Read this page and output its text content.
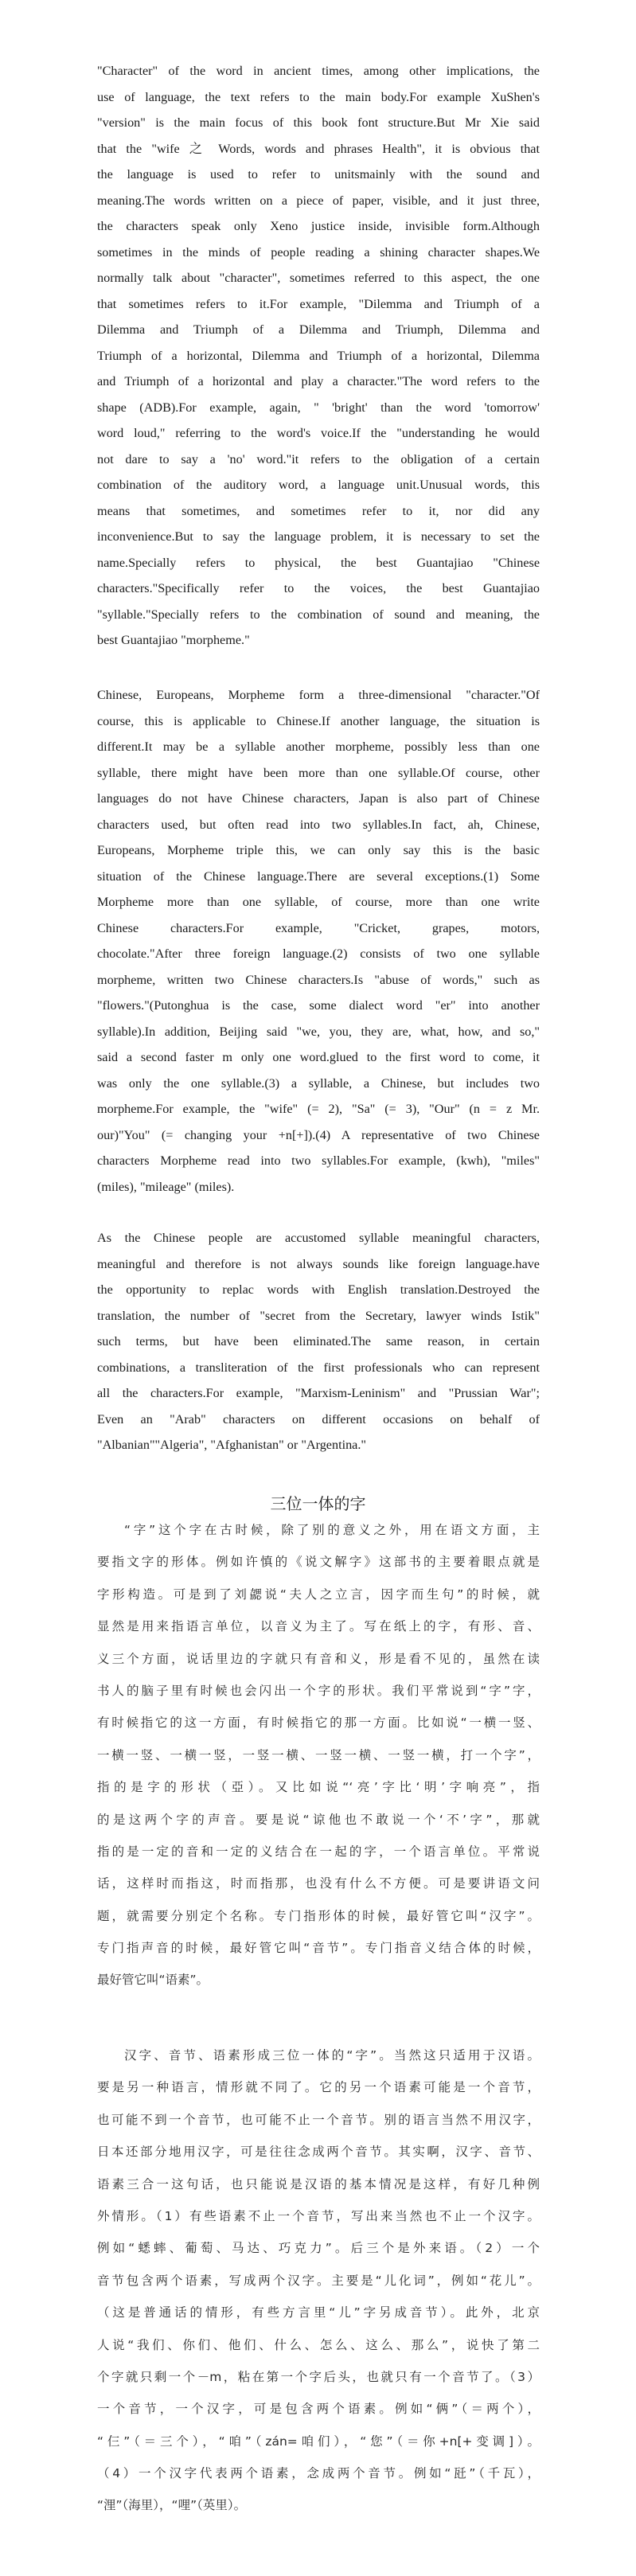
"Character" of the word in ancient times, among other implications, the
use of language, the text refers to the main body.For example XuShen's
"version" is the main focus of this book font structure.But Mr Xie said
that the "wife 之 Words, words and phrases Health", it is obvious that
the language is used to refer to unitsmainly with the sound and
meaning.The words written on a piece of paper, visible, and it just three,
the characters speak only Xeno justice inside, invisible form.Although
sometimes in the minds of people reading a shining character shapes.We
normally talk about "character", sometimes referred to this aspect, the one
that sometimes refers to it.For example, "Dilemma and Triumph of a
Dilemma and Triumph of a Dilemma and Triumph, Dilemma and
Triumph of a horizontal, Dilemma and Triumph of a horizontal, Dilemma
and Triumph of a horizontal and play a character."The word refers to the
shape (ADB).For example, again, " 'bright' than the word 'tomorrow'
word loud," referring to the word's voice.If the "understanding he would
not dare to say a 'no' word."it refers to the obligation of a certain
combination of the auditory word, a language unit.Unusual words, this
means that sometimes, and sometimes refer to it, nor did any
inconvenience.But to say the language problem, it is necessary to set the
name.Specially refers to physical, the best Guantajiao "Chinese
characters."Specifically refer to the voices, the best Guantajiao
"syllable."Specially refers to the combination of sound and meaning, the
best Guantajiao "morpheme."
Chinese, Europeans, Morpheme form a three-dimensional "character."Of
course, this is applicable to Chinese.If another language, the situation is
different.It may be a syllable another morpheme, possibly less than one
syllable, there might have been more than one syllable.Of course, other
languages do not have Chinese characters, Japan is also part of Chinese
characters used, but often read into two syllables.In fact, ah, Chinese,
Europeans, Morpheme triple this, we can only say this is the basic
situation of the Chinese language.There are several exceptions.(1) Some
Morpheme more than one syllable, of course, more than one write
Chinese characters.For example, "Cricket, grapes, motors,
chocolate."After three foreign language.(2) consists of two one syllable
morpheme, written two Chinese characters.Is "abuse of words," such as
"flowers."(Putonghua is the case, some dialect word "er" into another
syllable).In addition, Beijing said "we, you, they are, what, how, and so,"
said a second faster m only one word.glued to the first word to come, it
was only the one syllable.(3) a syllable, a Chinese, but includes two
morpheme.For example, the "wife" (= 2), "Sa" (= 3), "Our" (n = z Mr.
our)"You" (= changing your +n[+]).(4) A representative of two Chinese
characters Morpheme read into two syllables.For example, (kwh), "miles"
(miles), "mileage" (miles).
As the Chinese people are accustomed syllable meaningful characters,
meaningful and therefore is not always sounds like foreign language.have
the opportunity to replac words with English translation.Destroyed the
translation, the number of "secret from the Secretary, lawyer winds Istik"
such terms, but have been eliminated.The same reason, in certain
combinations, a transliteration of the first professionals who can represent
all the characters.For example, "Marxism-Leninism" and "Prussian War";
Even an "Arab" characters on different occasions on behalf of
"Albanian""Algeria", "Afghanistan" or "Argentina."
三位一体的字
“字”这个字在古时候，除了别的意义之外，用在语文方面，主
要指文字的形体。例如许慎的《说文解字》这部书的主要着眼点就是
字形构造。可是到了刘勰说“夫人之立言，因字而生句”的时候，就
显然是用来指语言单位，以音义为主了。写在纸上的字，有形、音、
义三个方面，说话里边的字就只有音和义，形是看不见的，虽然在读
书人的脑子里有时候也会闪出一个字的形状。我们平常说到“字”字，
有时候指它的这一方面，有时候指它的那一方面。比如说“一横一竖、
一横一竖、一横一竖，一竖一横、一竖一横、一竖一横，打一个字”，
指的是字的形状（亞）。又比如说“‘亮’字比‘明’字响亮”，指
的是这两个字的声音。要是说“谅他也不敢说一个‘不’字”，那就
指的是一定的音和一定的义结合在一起的字，一个语言单位。平常说
话，这样时而指这，时而指那，也没有什么不方便。可是要讲语文问
题，就需要分别定个名称。专门指形体的时候，最好管它叫“汉字”。
专门指声音的时候，最好管它叫“音节”。专门指音义结合体的时候，
最好管它叫“语素”。
汉字、音节、语素形成三位一体的“字”。当然这只适用于汉语。
要是另一种语言，情形就不同了。它的另一个语素可能是一个音节，
也可能不到一个音节，也可能不止一个音节。别的语言当然不用汉字，
日本还部分地用汉字，可是往往念成两个音节。其实啊，汉字、音节、
语素三合一这句话，也只能说是汉语的基本情况是这样，有好几种例
外情形。（1）有些语素不止一个音节，写出来当然也不止一个汉字。
例如“蟋蟀、葡萄、马达、巧克力”。后三个是外来语。（2）一个
音节包含两个语素，写成两个汉字。主要是“儿化词”，例如“花儿”。
（这是普通话的情形，有些方言里“儿”字另成音节）。此外，北京
人说“我们、你们、他们、什么、怎么、这么、那么”，说快了第二
个字就只剩一个－m，粘在第一个字后头，也就只有一个音节了。（3）
一个音节，一个汉字，可是包含两个语素。例如“俩”（＝两个），
“仨”（＝三个），“咱”（zán=咱们），“您”（＝你+n[+变调]）。
（4）一个汉字代表两个语素，念成两个音节。例如“瓩”（千瓦），
“浬”（海里），“哩”（英里）。
